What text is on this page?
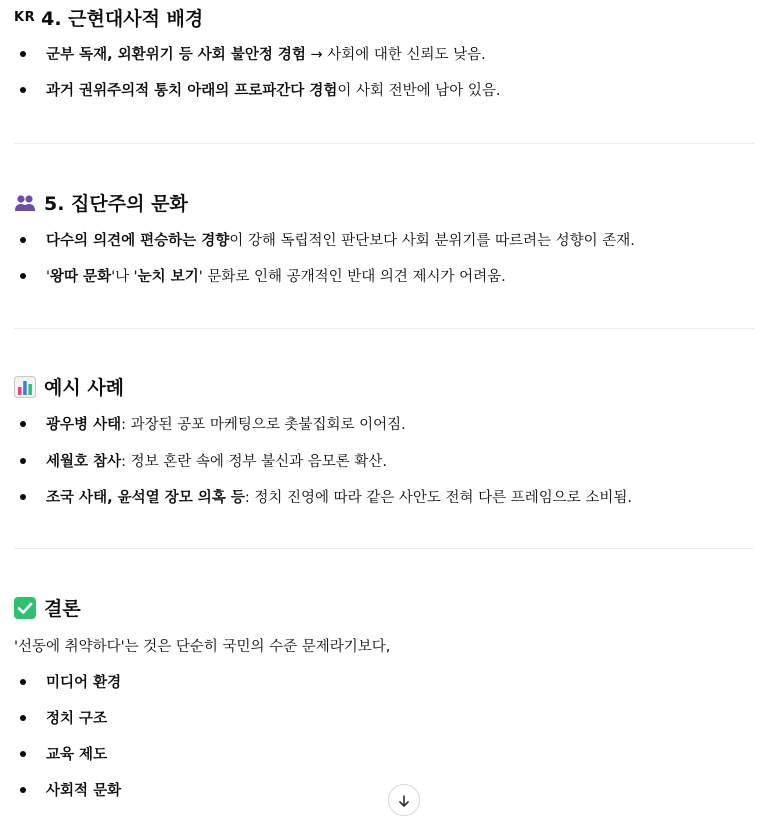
KR 4. 근현대사적 배경
군부 독재, 외환위기 등 사회 불안정 경험 → 사회에 대한 신뢰도 낮음.
과거 권위주의적 통치 아래의 프로파간다 경험이 사회 전반에 남아 있음.
5. 집단주의 문화
다수의 의견에 편승하는 경향이 강해 독립적인 판단보다 사회 분위기를 따르려는 성향이 존재.
'왕따 문화'나 '눈치 보기' 문화로 인해 공개적인 반대 의견 제시가 어려움.
예시 사례
광우병 사태: 과장된 공포 마케팅으로 촛불집회로 이어짐.
세월호 참사: 정보 혼란 속에 정부 불신과 음모론 확산.
조국 사태, 윤석열 장모 의혹 등: 정치 진영에 따라 같은 사안도 전혀 다른 프레임으로 소비됨.
결론
'선동에 취약하다'는 것은 단순히 국민의 수준 문제라기보다,
미디어 환경
정치 구조
교육 제도
사회적 문화
